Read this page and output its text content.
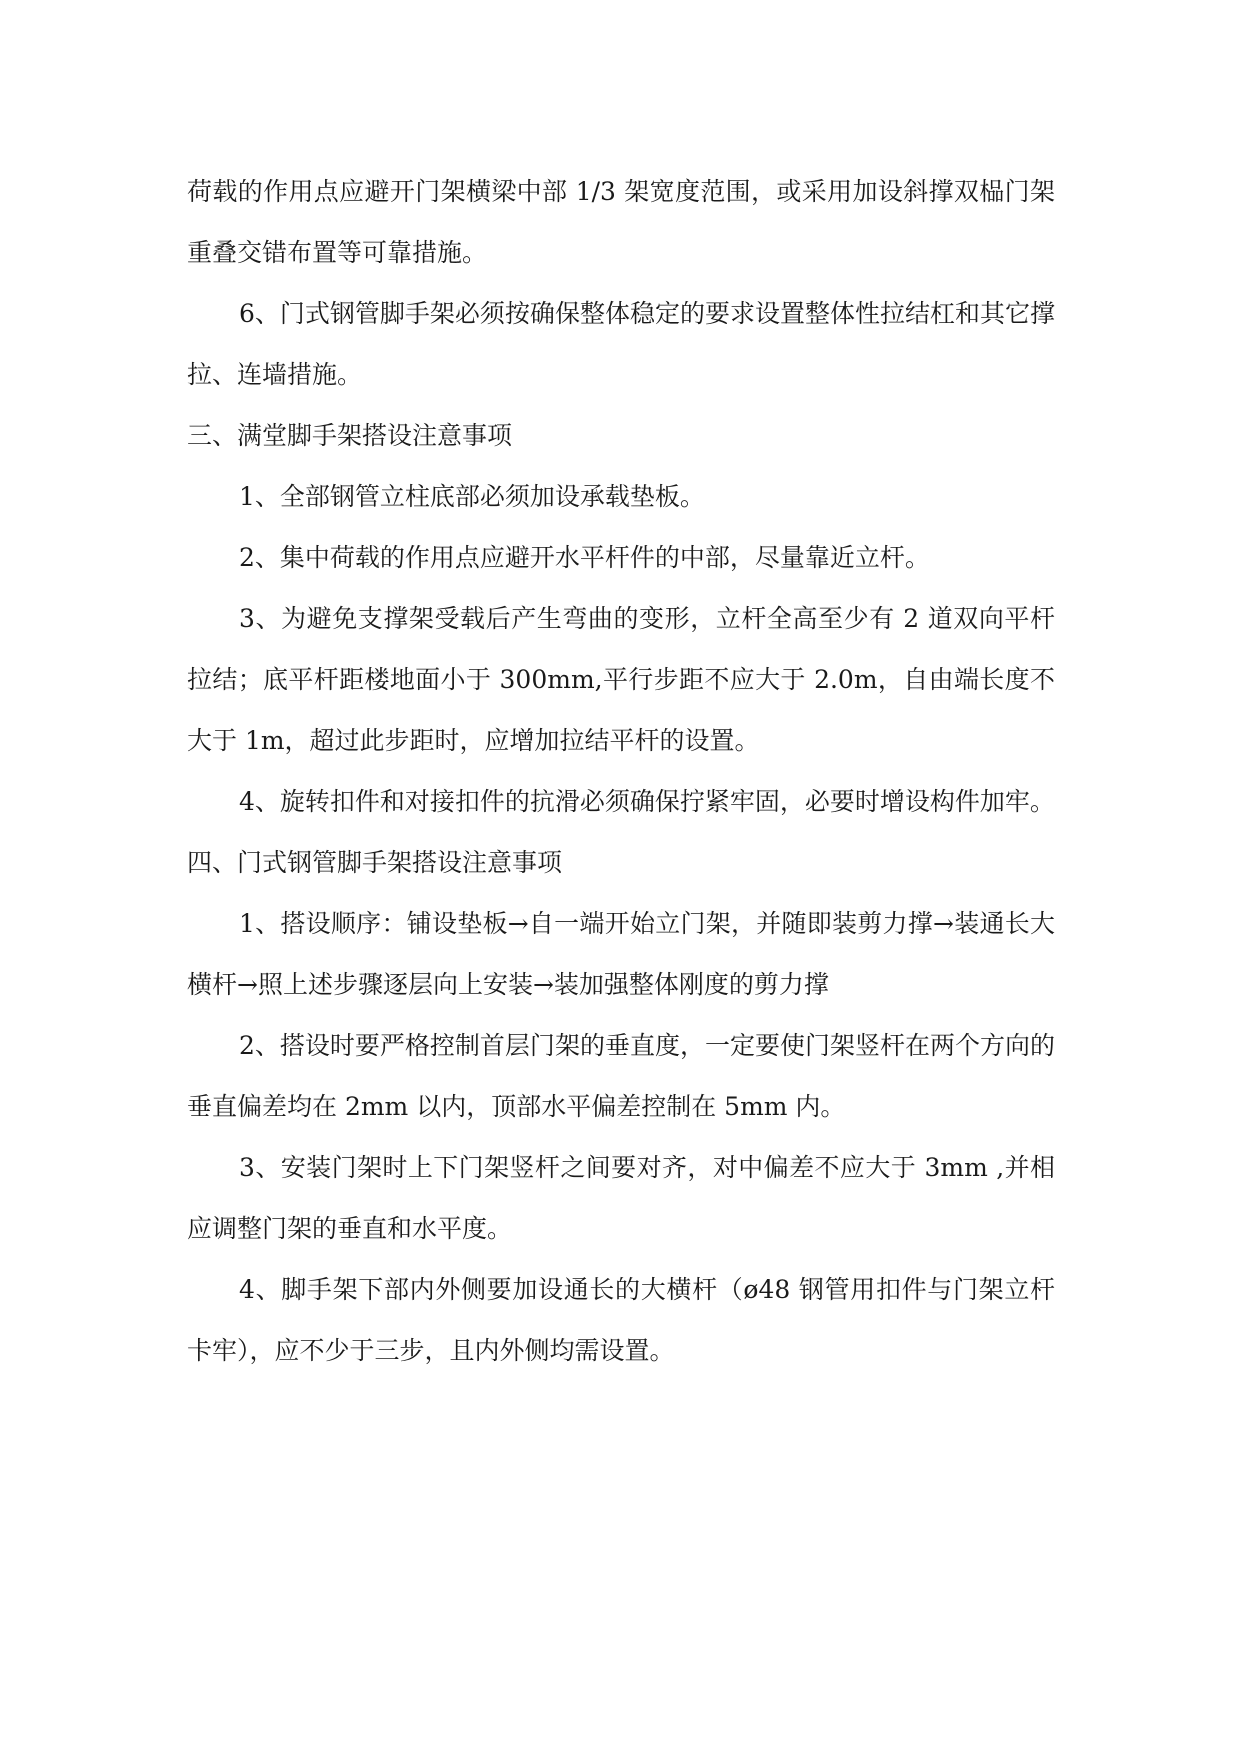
荷载的作用点应避开门架横梁中部 1/3 架宽度范围，或采用加设斜撑双榀门架重叠交错布置等可靠措施。

6、门式钢管脚手架必须按确保整体稳定的要求设置整体性拉结杠和其它撑拉、连墙措施。

三、满堂脚手架搭设注意事项

1、全部钢管立柱底部必须加设承载垫板。

2、集中荷载的作用点应避开水平杆件的中部，尽量靠近立杆。

3、为避免支撑架受载后产生弯曲的变形，立杆全高至少有 2 道双向平杆拉结；底平杆距楼地面小于 300mm,平行步距不应大于 2.0m，自由端长度不大于 1m，超过此步距时，应增加拉结平杆的设置。

4、旋转扣件和对接扣件的抗滑必须确保拧紧牢固，必要时增设构件加牢。

四、门式钢管脚手架搭设注意事项

1、搭设顺序：铺设垫板→自一端开始立门架，并随即装剪力撑→装通长大横杆→照上述步骤逐层向上安装→装加强整体刚度的剪力撑

2、搭设时要严格控制首层门架的垂直度，一定要使门架竖杆在两个方向的垂直偏差均在 2mm 以内，顶部水平偏差控制在 5mm 内。

3、安装门架时上下门架竖杆之间要对齐，对中偏差不应大于 3mm ,并相应调整门架的垂直和水平度。

4、脚手架下部内外侧要加设通长的大横杆（ø48 钢管用扣件与门架立杆卡牢），应不少于三步，且内外侧均需设置。
